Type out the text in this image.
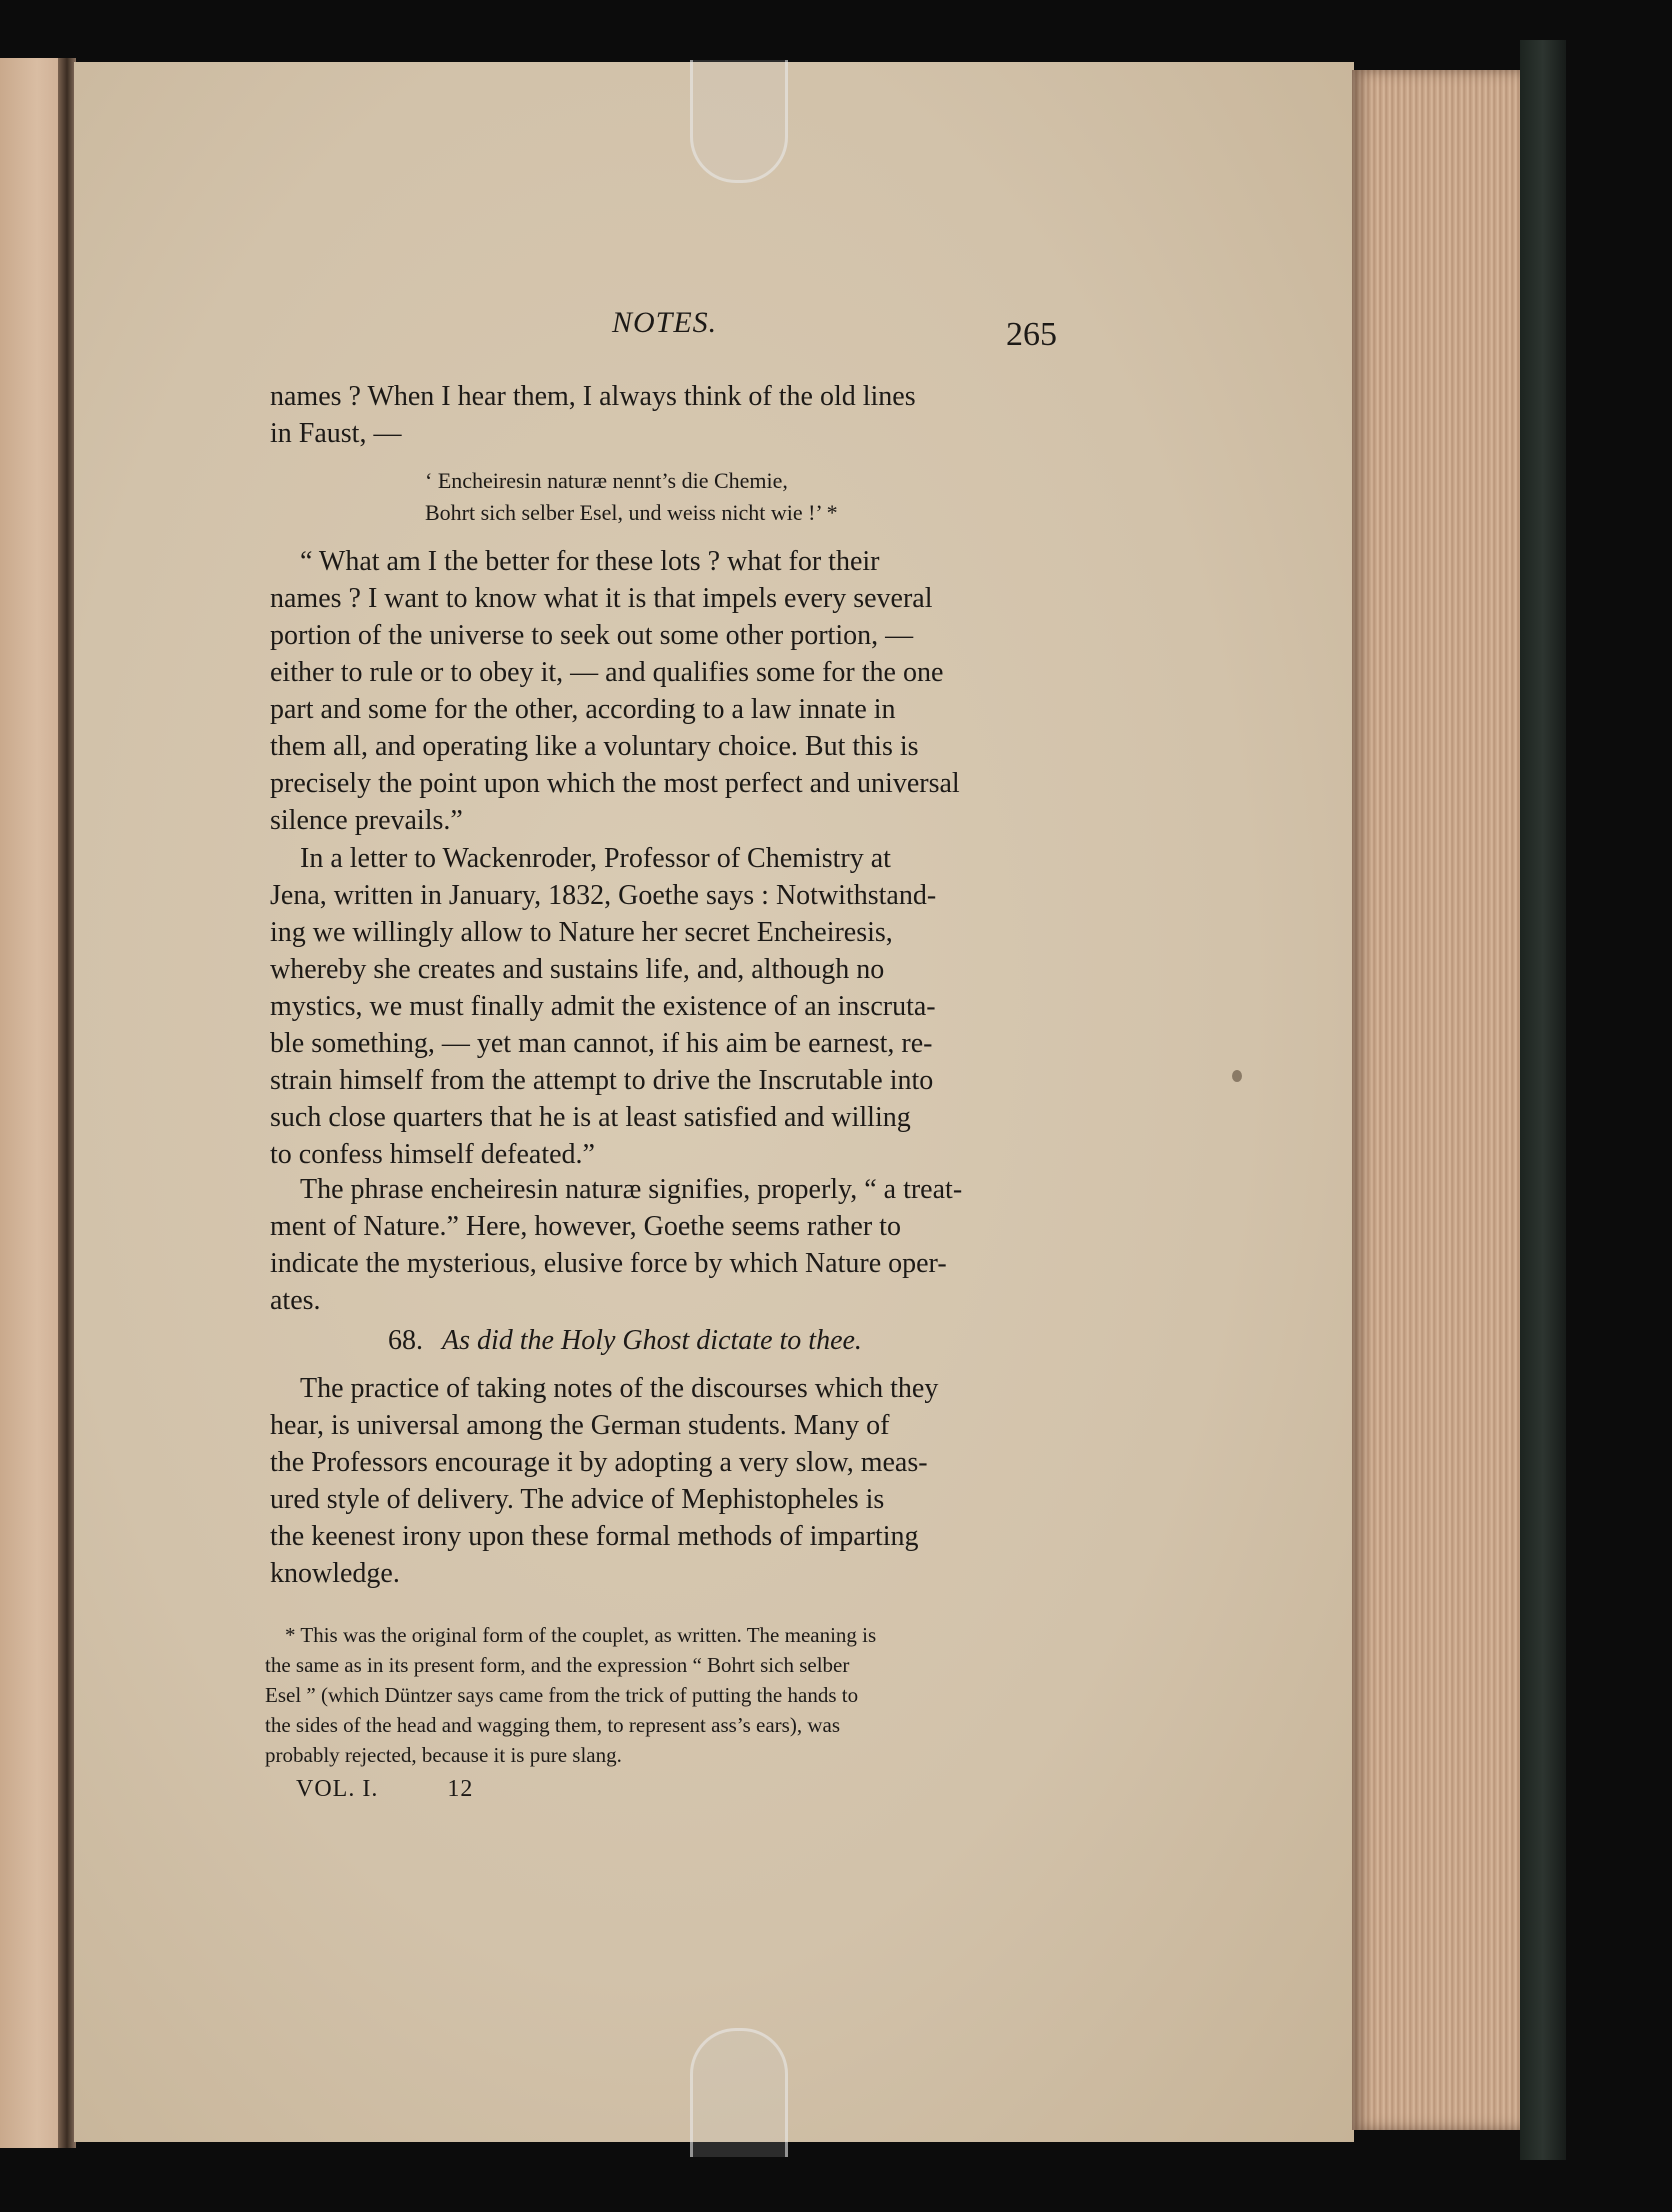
NOTES.	265
names ? When I hear them, I always think of the old lines
in Faust, —
‘ Encheiresin naturæ nennt’s die Chemie,
Bohrt sich selber Esel, und weiss nicht wie !’ *
“ What am I the better for these lots ? what for their
names ? I want to know what it is that impels every several
portion of the universe to seek out some other portion, —
either to rule or to obey it, — and qualifies some for the one
part and some for the other, according to a law innate in
them all, and operating like a voluntary choice. But this is
precisely the point upon which the most perfect and universal
silence prevails.”
In a letter to Wackenroder, Professor of Chemistry at
Jena, written in January, 1832, Goethe says : Notwithstand-
ing we willingly allow to Nature her secret Encheiresis,
whereby she creates and sustains life, and, although no
mystics, we must finally admit the existence of an inscruta-
ble something, — yet man cannot, if his aim be earnest, re-
strain himself from the attempt to drive the Inscrutable into
such close quarters that he is at least satisfied and willing
to confess himself defeated.”
The phrase encheiresin naturæ signifies, properly, “ a treat-
ment of Nature.” Here, however, Goethe seems rather to
indicate the mysterious, elusive force by which Nature oper-
ates.
68. As did the Holy Ghost dictate to thee.
The practice of taking notes of the discourses which they
hear, is universal among the German students. Many of
the Professors encourage it by adopting a very slow, meas-
ured style of delivery. The advice of Mephistopheles is
the keenest irony upon these formal methods of imparting
knowledge.
* This was the original form of the couplet, as written. The meaning is
the same as in its present form, and the expression “ Bohrt sich selber
Esel ” (which Düntzer says came from the trick of putting the hands to
the sides of the head and wagging them, to represent ass’s ears), was
probably rejected, because it is pure slang.
VOL. I.	12
